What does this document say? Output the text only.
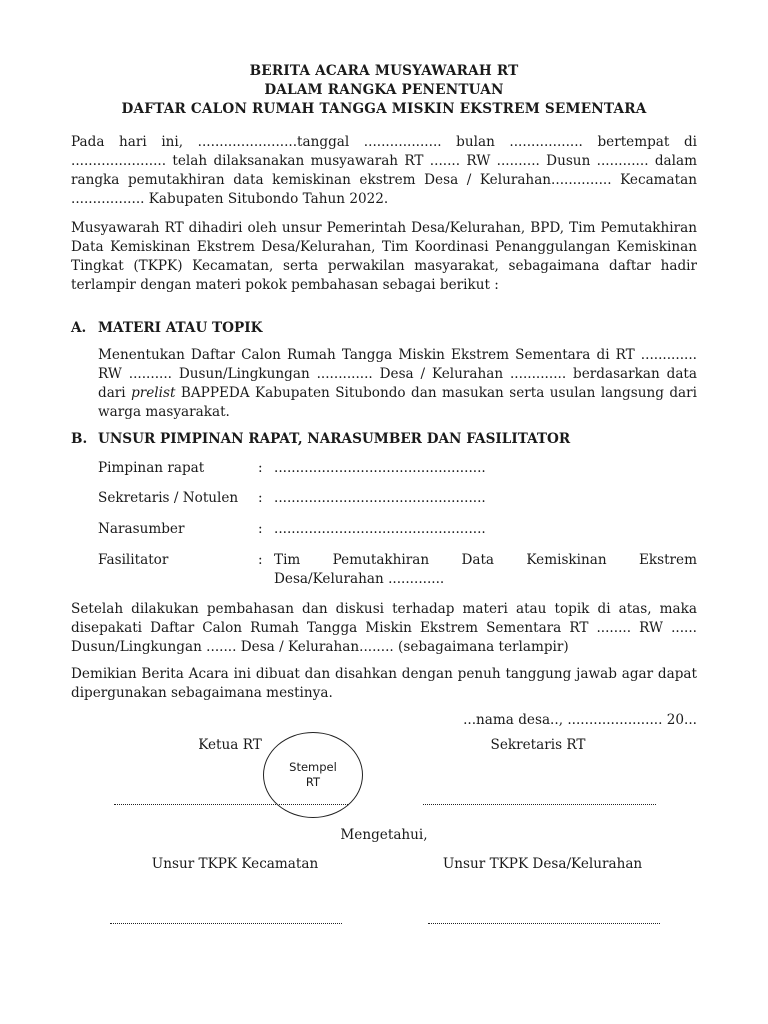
BERITA ACARA MUSYAWARAH RT
DALAM RANGKA PENENTUAN
DAFTAR CALON RUMAH TANGGA MISKIN EKSTREM SEMENTARA
Pada hari ini, .......................tanggal .................. bulan ................. bertempat di ...................... telah dilaksanakan musyawarah RT ....... RW .......... Dusun ............ dalam rangka pemutakhiran data kemiskinan ekstrem Desa / Kelurahan.............. Kecamatan ................. Kabupaten Situbondo Tahun 2022.
Musyawarah RT dihadiri oleh unsur Pemerintah Desa/Kelurahan, BPD, Tim Pemutakhiran Data Kemiskinan Ekstrem Desa/Kelurahan, Tim Koordinasi Penanggulangan Kemiskinan Tingkat (TKPK) Kecamatan, serta perwakilan masyarakat, sebagaimana daftar hadir terlampir dengan materi pokok pembahasan sebagai berikut :
A. MATERI ATAU TOPIK
Menentukan Daftar Calon Rumah Tangga Miskin Ekstrem Sementara di RT ............. RW .......... Dusun/Lingkungan ............. Desa / Kelurahan ............. berdasarkan data dari prelist BAPPEDA Kabupaten Situbondo dan masukan serta usulan langsung dari warga masyarakat.
B. UNSUR PIMPINAN RAPAT, NARASUMBER DAN FASILITATOR
Pimpinan rapat	: .................................................
Sekretaris / Notulen : .................................................
Narasumber	: .................................................
Fasilitator	: Tim Pemutakhiran Data Kemiskinan Ekstrem
Desa/Kelurahan .............
Setelah dilakukan pembahasan dan diskusi terhadap materi atau topik di atas, maka disepakati Daftar Calon Rumah Tangga Miskin Ekstrem Sementara RT ........ RW ...... Dusun/Lingkungan ....... Desa / Kelurahan........ (sebagaimana terlampir)
Demikian Berita Acara ini dibuat dan disahkan dengan penuh tanggung jawab agar dapat dipergunakan sebagaimana mestinya.
...nama desa.., ...................... 20...
Ketua RT	Sekretaris RT
Stempel
RT
Mengetahui,
Unsur TKPK Kecamatan	Unsur TKPK Desa/Kelurahan
